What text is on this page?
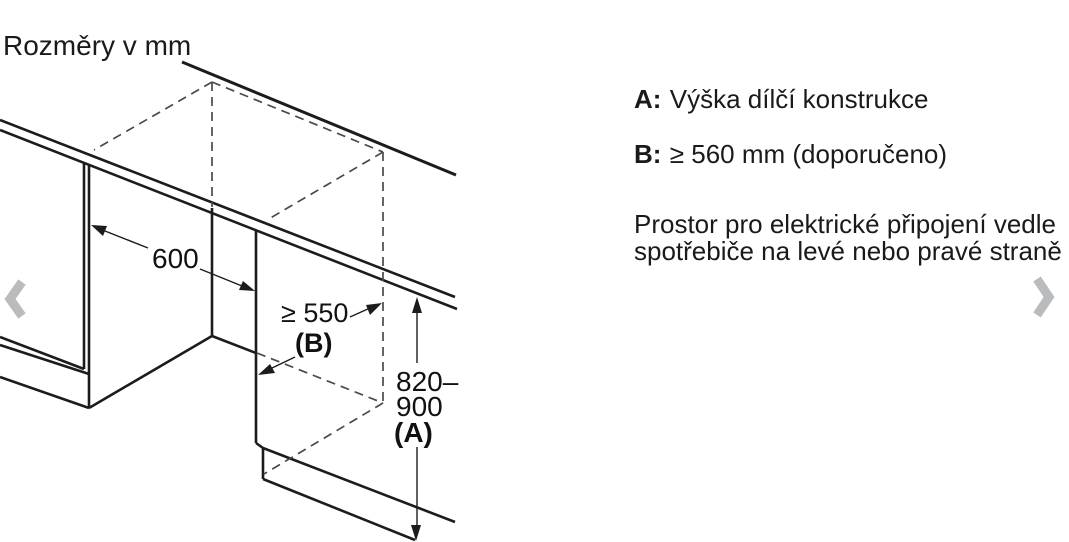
Rozměry v mm
600
≥ 550
(B)
820–
900
(A)
A: Výška dílčí konstrukce
B: ≥ 560 mm (doporučeno)
Prostor pro elektrické připojení vedle spotřebiče na levé nebo pravé straně
